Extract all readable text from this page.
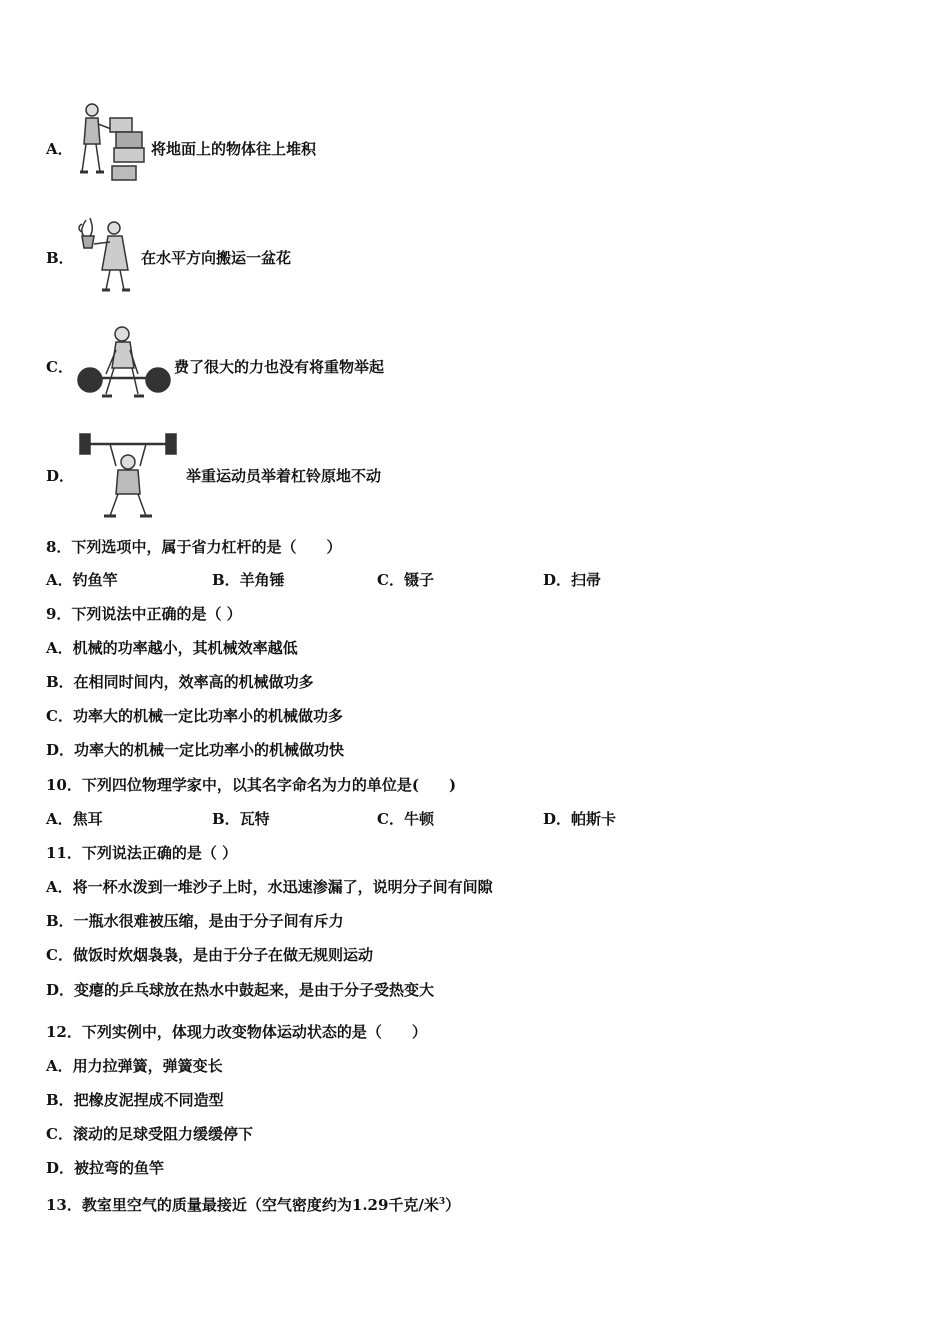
A．	将地面上的物体往上堆积
B．	在水平方向搬运一盆花
C．	费了很大的力也没有将重物举起
D．	举重运动员举着杠铃原地不动
8．下列选项中，属于省力杠杆的是（　　）
A．钓鱼竿	B．羊角锤	C．镊子	D．扫帚
9．下列说法中正确的是（ ）
A．机械的功率越小，其机械效率越低
B．在相同时间内，效率高的机械做功多
C．功率大的机械一定比功率小的机械做功多
D．功率大的机械一定比功率小的机械做功快
10．下列四位物理学家中，以其名字命名为力的单位是(　　)
A．焦耳	B．瓦特	C．牛顿	D．帕斯卡
11．下列说法正确的是（ ）
A．将一杯水泼到一堆沙子上时，水迅速渗漏了，说明分子间有间隙
B．一瓶水很难被压缩，是由于分子间有斥力
C．做饭时炊烟袅袅，是由于分子在做无规则运动
D．变瘪的乒乓球放在热水中鼓起来，是由于分子受热变大
12．下列实例中，体现力改变物体运动状态的是（　　）
A．用力拉弹簧，弹簧变长
B．把橡皮泥捏成不同造型
C．滚动的足球受阻力缓缓停下
D．被拉弯的鱼竿
13．教室里空气的质量最接近（空气密度约为1.29千克/米$^3$）
